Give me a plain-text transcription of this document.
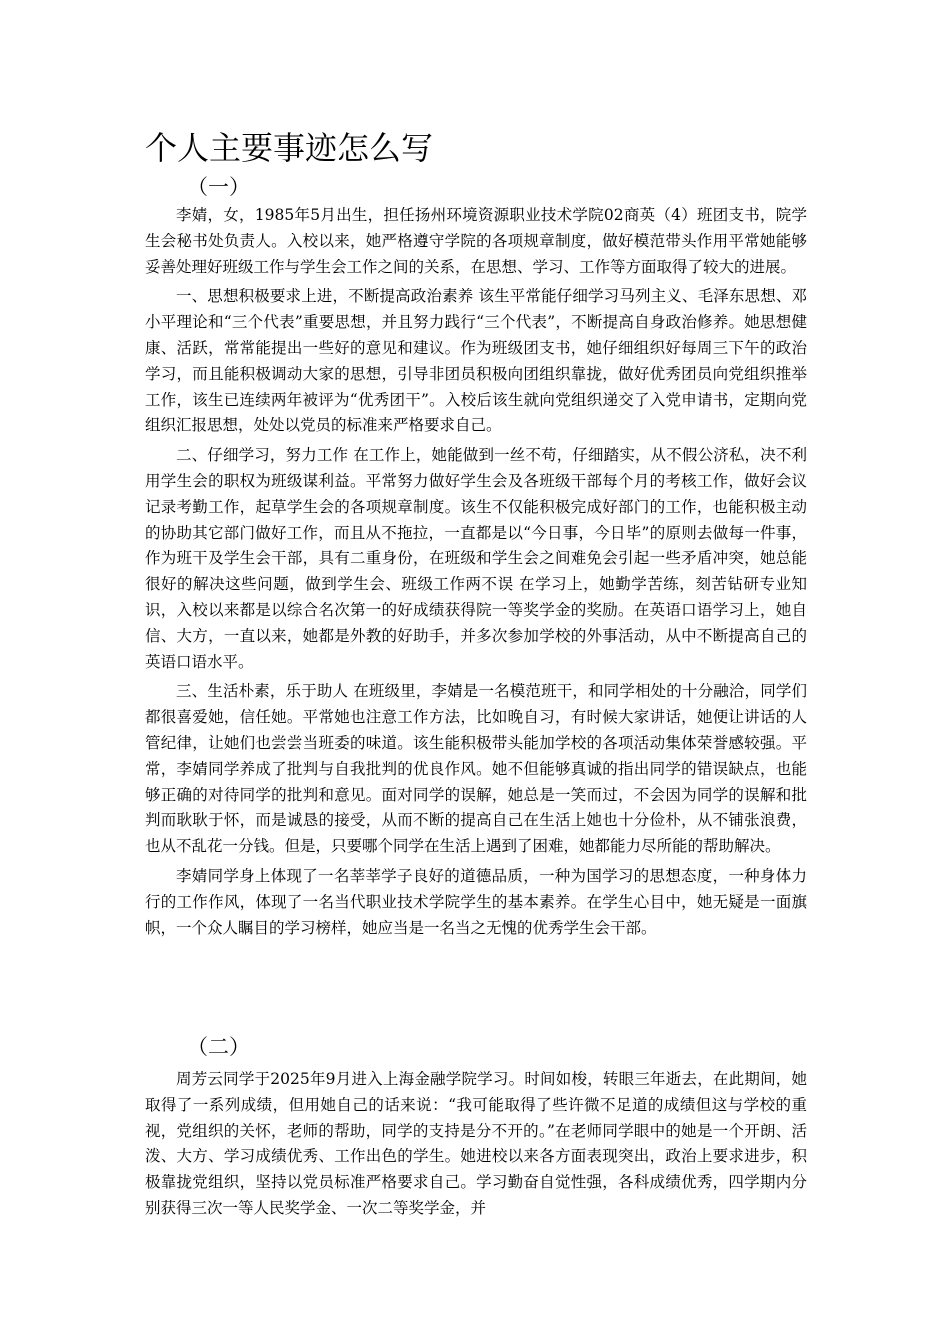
个人主要事迹怎么写
（一）

李婧，女，1985年5月出生，担任扬州环境资源职业技术学院02商英（4）班团支书，院学生会秘书处负责人。入校以来，她严格遵守学院的各项规章制度，做好模范带头作用平常她能够妥善处理好班级工作与学生会工作之间的关系，在思想、学习、工作等方面取得了较大的进展。

一、思想积极要求上进，不断提高政治素养 该生平常能仔细学习马列主义、毛泽东思想、邓小平理论和“三个代表”重要思想，并且努力践行“三个代表”，不断提高自身政治修养。她思想健康、活跃，常常能提出一些好的意见和建议。作为班级团支书，她仔细组织好每周三下午的政治学习，而且能积极调动大家的思想，引导非团员积极向团组织靠拢，做好优秀团员向党组织推举工作，该生已连续两年被评为“优秀团干”。入校后该生就向党组织递交了入党申请书，定期向党组织汇报思想，处处以党员的标准来严格要求自己。

二、仔细学习，努力工作 在工作上，她能做到一丝不苟，仔细踏实，从不假公济私，决不利用学生会的职权为班级谋利益。平常努力做好学生会及各班级干部每个月的考核工作，做好会议记录考勤工作，起草学生会的各项规章制度。该生不仅能积极完成好部门的工作，也能积极主动的协助其它部门做好工作，而且从不拖拉，一直都是以“今日事，今日毕”的原则去做每一件事，作为班干及学生会干部，具有二重身份，在班级和学生会之间难免会引起一些矛盾冲突，她总能很好的解决这些问题，做到学生会、班级工作两不误 在学习上，她勤学苦练，刻苦钻研专业知识，入校以来都是以综合名次第一的好成绩获得院一等奖学金的奖励。在英语口语学习上，她自信、大方，一直以来，她都是外教的好助手，并多次参加学校的外事活动，从中不断提高自己的英语口语水平。

三、生活朴素，乐于助人 在班级里，李婧是一名模范班干，和同学相处的十分融洽，同学们都很喜爱她，信任她。平常她也注意工作方法，比如晚自习，有时候大家讲话，她便让讲话的人管纪律，让她们也尝尝当班委的味道。该生能积极带头能加学校的各项活动集体荣誉感较强。平常，李婧同学养成了批判与自我批判的优良作风。她不但能够真诚的指出同学的错误缺点，也能够正确的对待同学的批判和意见。面对同学的误解，她总是一笑而过，不会因为同学的误解和批判而耿耿于怀，而是诚恳的接受，从而不断的提高自己在生活上她也十分俭朴，从不铺张浪费，也从不乱花一分钱。但是，只要哪个同学在生活上遇到了困难，她都能力尽所能的帮助解决。

李婧同学身上体现了一名莘莘学子良好的道德品质，一种为国学习的思想态度，一种身体力行的工作作风，体现了一名当代职业技术学院学生的基本素养。在学生心目中，她无疑是一面旗帜，一个众人瞩目的学习榜样，她应当是一名当之无愧的优秀学生会干部。

（二）

周芳云同学于2025年9月进入上海金融学院学习。时间如梭，转眼三年逝去，在此期间，她取得了一系列成绩，但用她自己的话来说：“我可能取得了些许微不足道的成绩但这与学校的重视，党组织的关怀，老师的帮助，同学的支持是分不开的。”在老师同学眼中的她是一个开朗、活泼、大方、学习成绩优秀、工作出色的学生。她进校以来各方面表现突出，政治上要求进步，积极靠拢党组织，坚持以党员标准严格要求自己。学习勤奋自觉性强，各科成绩优秀，四学期内分别获得三次一等人民奖学金、一次二等奖学金，并
